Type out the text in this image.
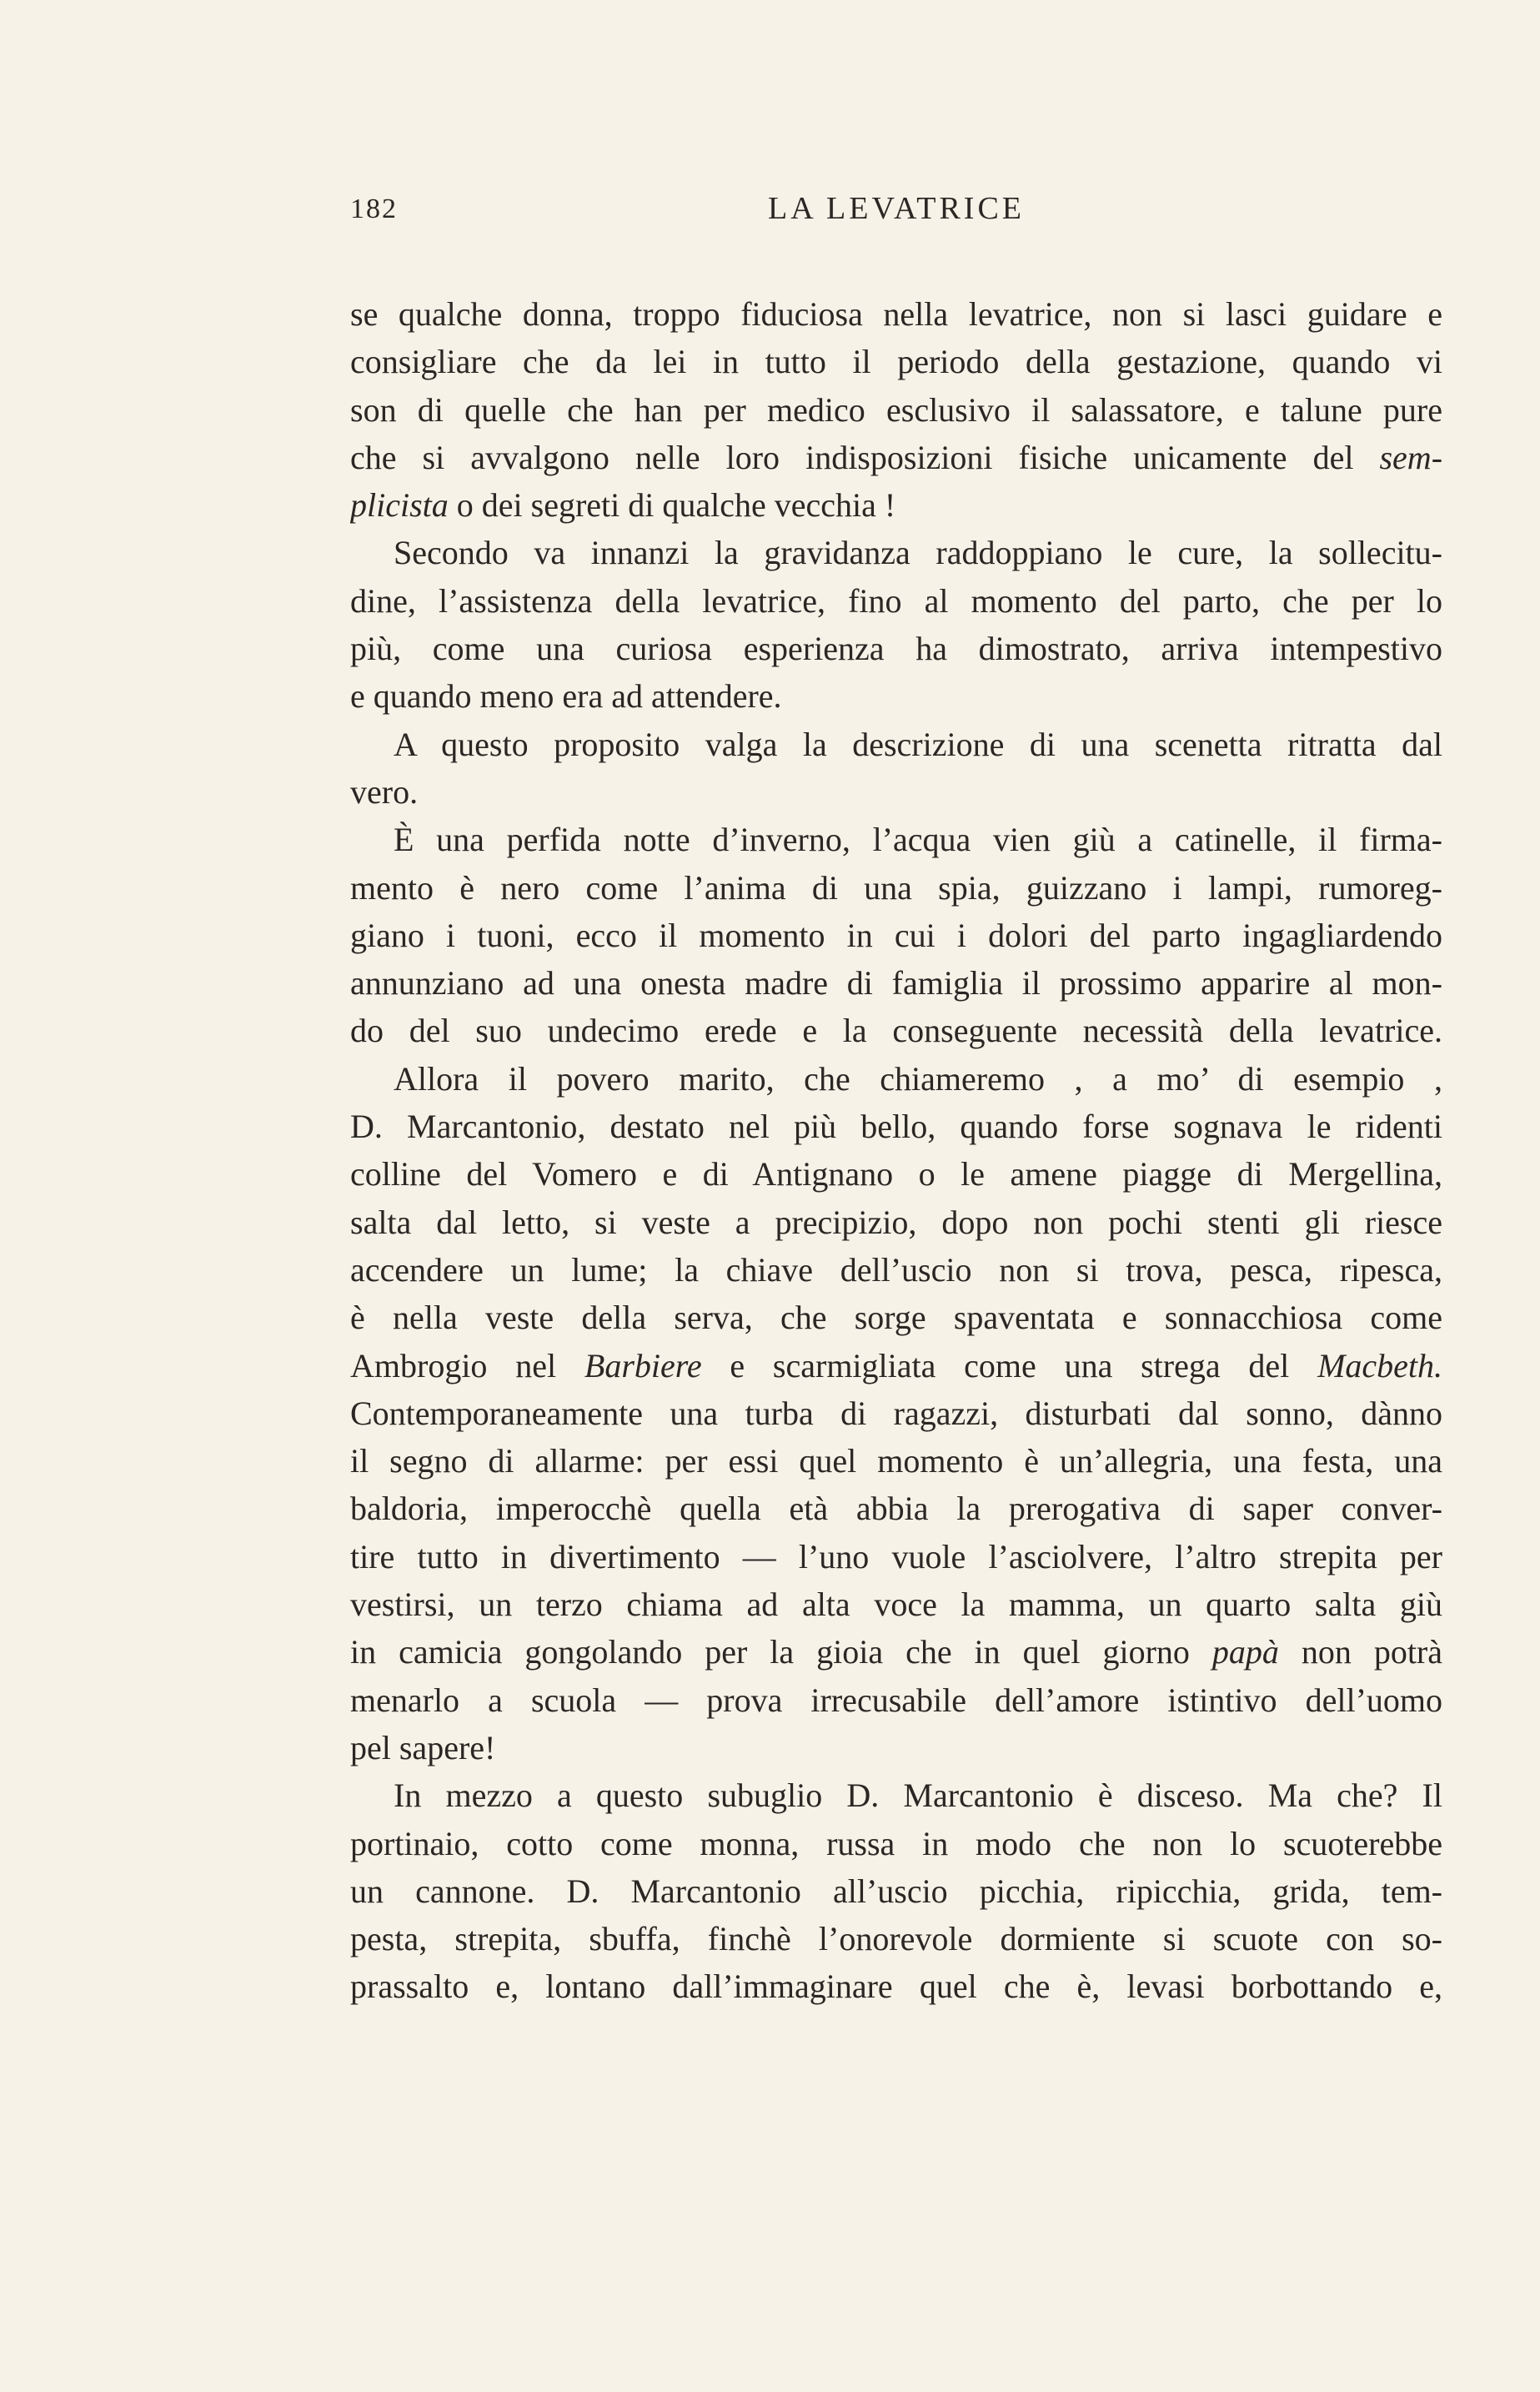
182	LA LEVATRICE
se qualche donna, troppo fiduciosa nella levatrice, non si lasci guidare e
consigliare che da lei in tutto il periodo della gestazione, quando vi
son di quelle che han per medico esclusivo il salassatore, e talune pure
che si avvalgono nelle loro indisposizioni fisiche unicamente del sem-
plicista o dei segreti di qualche vecchia !
Secondo va innanzi la gravidanza raddoppiano le cure, la sollecitu-
dine, l’assistenza della levatrice, fino al momento del parto, che per lo
più, come una curiosa esperienza ha dimostrato, arriva intempestivo
e quando meno era ad attendere.
A questo proposito valga la descrizione di una scenetta ritratta dal
vero.
È una perfida notte d’inverno, l’acqua vien giù a catinelle, il firma-
mento è nero come l’anima di una spia, guizzano i lampi, rumoreg-
giano i tuoni, ecco il momento in cui i dolori del parto ingagliardendo
annunziano ad una onesta madre di famiglia il prossimo apparire al mon-
do del suo undecimo erede e la conseguente necessità della levatrice.
Allora il povero marito, che chiameremo , a mo’ di esempio ,
D. Marcantonio, destato nel più bello, quando forse sognava le ridenti
colline del Vomero e di Antignano o le amene piagge di Mergellina,
salta dal letto, si veste a precipizio, dopo non pochi stenti gli riesce
accendere un lume; la chiave dell’uscio non si trova, pesca, ripesca,
è nella veste della serva, che sorge spaventata e sonnacchiosa come
Ambrogio nel Barbiere e scarmigliata come una strega del Macbeth.
Contemporaneamente una turba di ragazzi, disturbati dal sonno, dànno
il segno di allarme: per essi quel momento è un’allegria, una festa, una
baldoria, imperocchè quella età abbia la prerogativa di saper conver-
tire tutto in divertimento — l’uno vuole l’asciolvere, l’altro strepita per
vestirsi, un terzo chiama ad alta voce la mamma, un quarto salta giù
in camicia gongolando per la gioia che in quel giorno papà non potrà
menarlo a scuola — prova irrecusabile dell’amore istintivo dell’uomo
pel sapere!
In mezzo a questo subuglio D. Marcantonio è disceso. Ma che? Il
portinaio, cotto come monna, russa in modo che non lo scuoterebbe
un cannone. D. Marcantonio all’uscio picchia, ripicchia, grida, tem-
pesta, strepita, sbuffa, finchè l’onorevole dormiente si scuote con so-
prassalto e, lontano dall’immaginare quel che è, levasi borbottando e,
